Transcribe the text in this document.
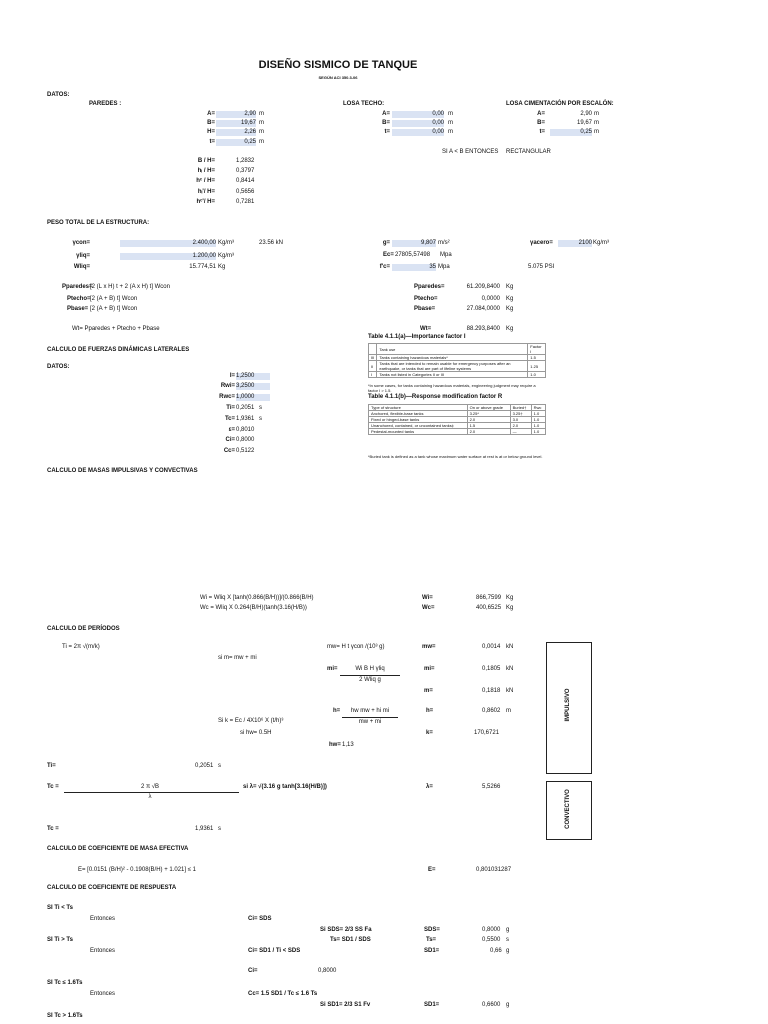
DISEÑO SISMICO DE TANQUE
SEGÚN ACI 350.3-06
DATOS:
PAREDES :	LOSA TECHO:	LOSA CIMENTACIÓN POR ESCALÓN:
A=	2,90 m
B=	19,67 m
H=	2,26 m
t=	0,25 m
A=	0,00 m
B=	0,00 m
t=	0,00 m
A=	2,90 m
B=	19,67 m
t=	0,25 m
SI A < B ENTONCES RECTANGULAR
B / H=	1,2832
hᵢ / H=	0,3797
hᶜ / H=	0,8414
hᵢ'/ H=	0,5656
hᶜ'/ H=	0,7281
PESO TOTAL DE LA ESTRUCTURA:
γcon=	2.400,00 Kg/m³	23.56 kN
γliq=	1.200,00 Kg/m³
Wliq=	15.774,51 Kg
g=	9,807 m/s²
Ec= 27805,57498 Mpa
f'c=	35 Mpa	5.075 PSI
γacero=	2100 Kg/m³
Pparedes=
[2 (L x H) t + 2 (A x H) t] Wcon	Pparedes=	61.209,8400 Kg
Ptecho= [2 (A + B) t] Wcon	Ptecho=	0,0000 Kg
Pbase= [2 (A + B) t] Wcon	Pbase=	27.084,0000 Kg
Wt= Pparedes + Ptecho + Pbase	Wt=	88.293,8400 Kg
Table 4.1.1(a)—Importance factor I
	Tank use	Factor I
III	Tanks containing hazardous materials*	1.5
II	Tanks that are intended to remain usable for emergency purposes after an earthquake, or tanks that are part of lifeline systems	1.25
I	Tanks not listed in Categories II or III	1.0
*In some cases, for tanks containing hazardous materials, engineering judgment may require a factor I > 1.5.
Table 4.1.1(b)—Response modification factor R
Type of structure	On or above grade	Buried†	Rwc
Anchored, flexible-base tanks	3.25*	3.25†	1.0
Fixed or hinged-base tanks	2.0	3.0	1.0
Unanchored, contained, or uncontained tanks‡	1.5	2.0	1.0
Pedestal-mounted tanks	2.0	—	1.0
*Buried tank is defined as a tank whose maximum water surface at rest is at or below ground level.
CALCULO DE FUERZAS DINÁMICAS LATERALES
DATOS:
I= 1,2500
Rwi= 3,2500
Rwc= 1,0000
Ti= 0,2051 s
Tc= 1,9361 s
ε= 0,8010
Ci= 0,8000
Cc= 0,5122
CALCULO DE MASAS IMPULSIVAS Y CONVECTIVAS
Wi = Wliq X [tanh(0.866(B/H))]/(0.866(B/H)	Wi=	866,7599 Kg
Wc = Wliq X 0.264(B/H)(tanh(3.16(H/B))	Wc=	400,6525 Kg
CALCULO DE PERÍODOS
Ti = 2π √(m/k)	mw= H t γcon /(10³ g)	mw=	0,0014 kN
si m= mw + mi
mi=	Wi B H γliq
2 Wliq g
mi=	0,1805 kN
m=	0,1818 kN
h=	hw mw + hi mi
mw + mi
h=	0,8602 m
Si k = Ec / 4X10⁶ X (t/h)³
si hw= 0.5H	k=	170,6721
hw= 1,13
IMPULSIVO
Ti=	0,2051 s
Tc =	2 π √B
λ
si λ= √(3.16 g tanh[3.16(H/B)])	λ=	5,5266
CONVECTIVO
Tc =	1,9361 s
CALCULO DE COEFICIENTE DE MASA EFECTIVA
E= [0.0151 (B/H)² - 0.1908(B/H) + 1.021] ≤ 1	E=	0,801031287
CALCULO DE COEFICIENTE DE RESPUESTA
SI Ti < Ts
Entonces	Ci= SDS
Si SDS= 2/3 SS Fa	SDS=	0,8000 g
SI Ti > Ts	Ts= SD1 / SDS	Ts=	0,5500 s
Entonces	Ci= SD1 / Ti < SDS	SD1=	0,66 g
Ci=	0,8000
SI Tc ≤ 1.6Ts
Entonces	Cc= 1.5 SD1 / Tc ≤ 1.6 Ts
Si SD1= 2/3 S1 Fv	SD1=	0,6600 g
SI Tc > 1.6Ts
